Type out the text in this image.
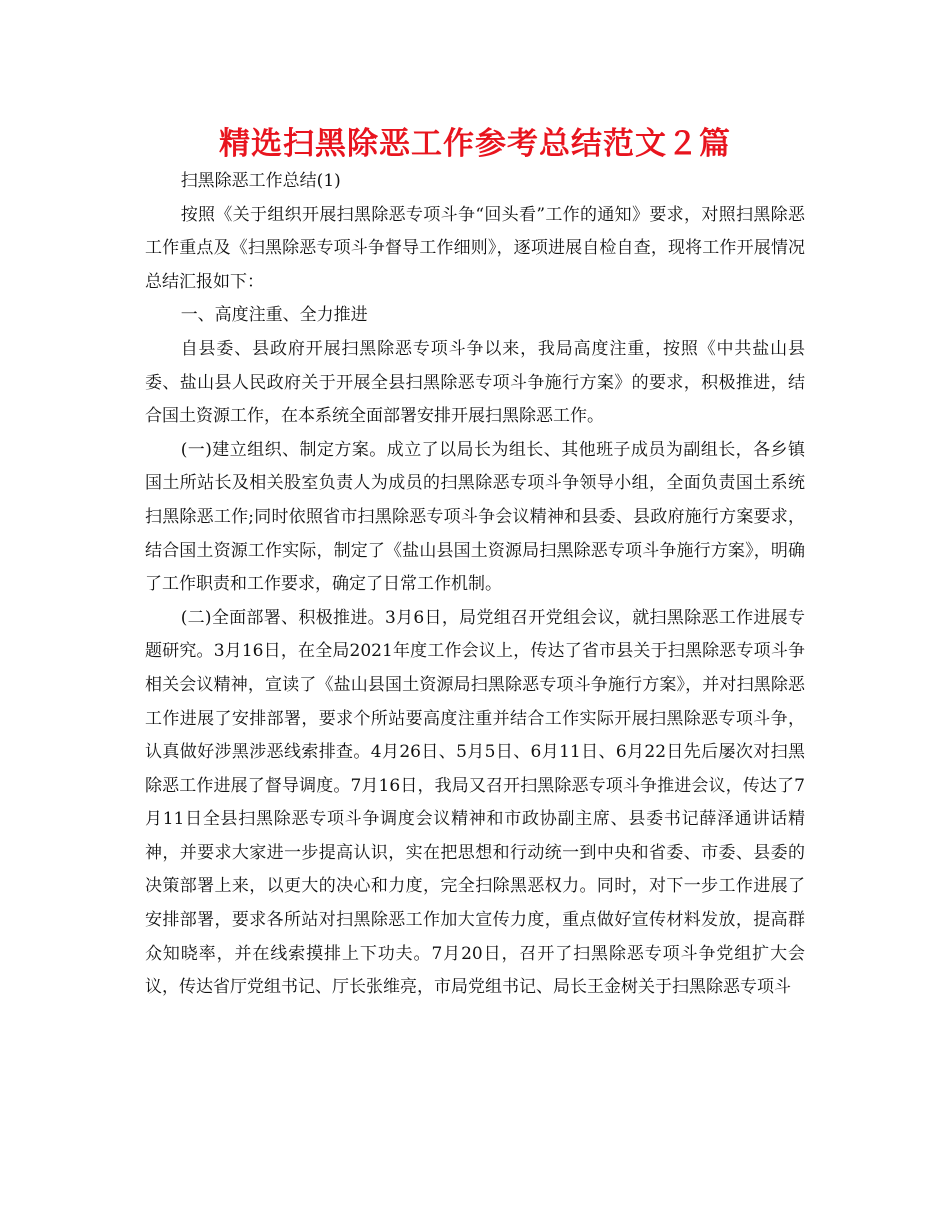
精选扫黑除恶工作参考总结范文２篇

扫黑除恶工作总结(1)

按照《关于组织开展扫黑除恶专项斗争“回头看”工作的通知》要求，对照扫黑除恶工作重点及《扫黑除恶专项斗争督导工作细则》，逐项进展自检自查，现将工作开展情况总结汇报如下：

一、高度注重、全力推进

自县委、县政府开展扫黑除恶专项斗争以来，我局高度注重，按照《中共盐山县委、盐山县人民政府关于开展全县扫黑除恶专项斗争施行方案》的要求，积极推进，结合国土资源工作，在本系统全面部署安排开展扫黑除恶工作。

(一)建立组织、制定方案。成立了以局长为组长、其他班子成员为副组长，各乡镇国土所站长及相关股室负责人为成员的扫黑除恶专项斗争领导小组，全面负责国土系统扫黑除恶工作;同时依照省市扫黑除恶专项斗争会议精神和县委、县政府施行方案要求，结合国土资源工作实际，制定了《盐山县国土资源局扫黑除恶专项斗争施行方案》，明确了工作职责和工作要求，确定了日常工作机制。

(二)全面部署、积极推进。3月6日，局党组召开党组会议，就扫黑除恶工作进展专题研究。3月16日，在全局2021年度工作会议上，传达了省市县关于扫黑除恶专项斗争相关会议精神，宣读了《盐山县国土资源局扫黑除恶专项斗争施行方案》，并对扫黑除恶工作进展了安排部署，要求个所站要高度注重并结合工作实际开展扫黑除恶专项斗争，认真做好涉黑涉恶线索排查。4月26日、5月5日、6月11日、6月22日先后屡次对扫黑除恶工作进展了督导调度。7月16日，我局又召开扫黑除恶专项斗争推进会议，传达了7月11日全县扫黑除恶专项斗争调度会议精神和市政协副主席、县委书记薛泽通讲话精神，并要求大家进一步提高认识，实在把思想和行动统一到中央和省委、市委、县委的决策部署上来，以更大的决心和力度，完全扫除黑恶权力。同时，对下一步工作进展了安排部署，要求各所站对扫黑除恶工作加大宣传力度，重点做好宣传材料发放，提高群众知晓率，并在线索摸排上下功夫。7月20日，召开了扫黑除恶专项斗争党组扩大会议，传达省厅党组书记、厅长张维亮，市局党组书记、局长王金树关于扫黑除恶专项斗
